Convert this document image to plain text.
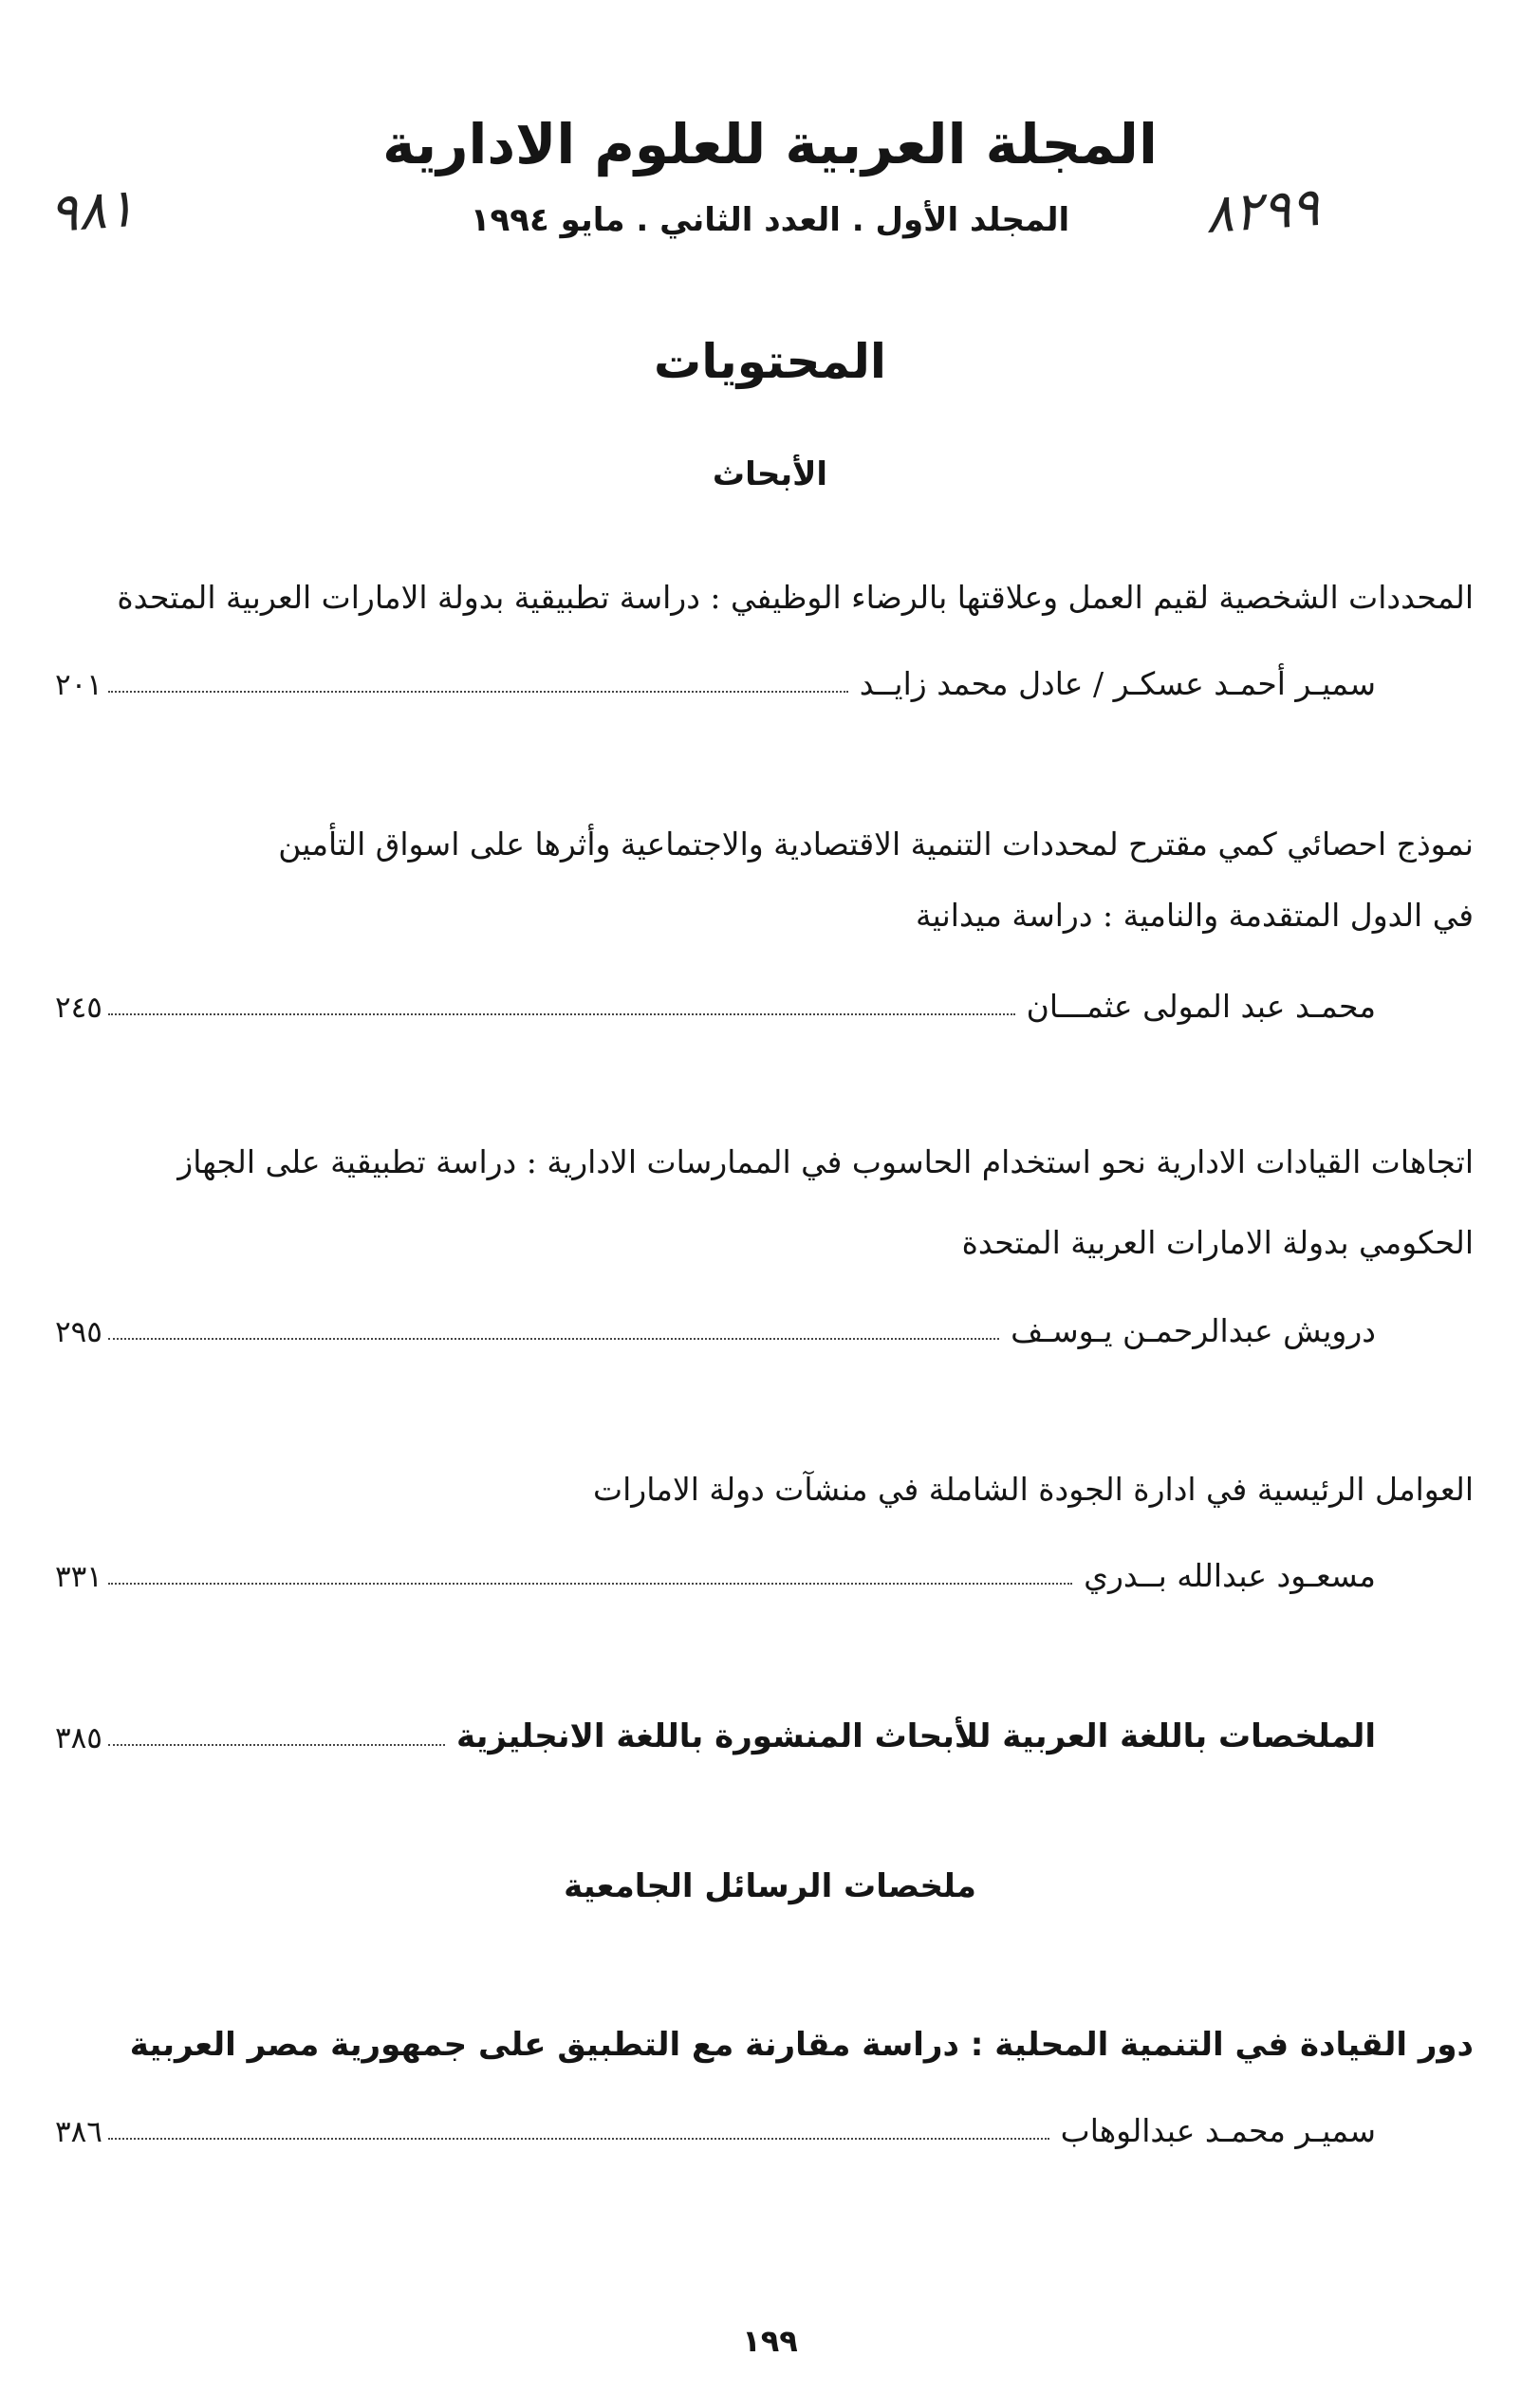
المجلة العربية للعلوم الادارية
المجلد الأول . العدد الثاني . مايو ١٩٩٤
٩٨١	٨٢٩٩
المحتويات
الأبحاث
المحددات الشخصية لقيم العمل وعلاقتها بالرضاء الوظيفي : دراسة تطبيقية بدولة الامارات العربية المتحدة
سميـر أحمـد عسكـر / عادل محمد زايــد
٢٠١
نموذج احصائي كمي مقترح لمحددات التنمية الاقتصادية والاجتماعية وأثرها على اسواق التأمين
في الدول المتقدمة والنامية : دراسة ميدانية
محمـد عبد المولى عثمـــان
٢٤٥
اتجاهات القيادات الادارية نحو استخدام الحاسوب في الممارسات الادارية : دراسة تطبيقية على الجهاز
الحكومي بدولة الامارات العربية المتحدة
درويش عبدالرحمـن يـوسـف
٢٩٥
العوامل الرئيسية في ادارة الجودة الشاملة في منشآت دولة الامارات
مسعـود عبدالله بــدري
٣٣١
الملخصات باللغة العربية للأبحاث المنشورة باللغة الانجليزية
٣٨٥
ملخصات الرسائل الجامعية
دور القيادة في التنمية المحلية : دراسة مقارنة مع التطبيق على جمهورية مصر العربية
سميـر محمـد عبدالوهاب
٣٨٦
١٩٩
